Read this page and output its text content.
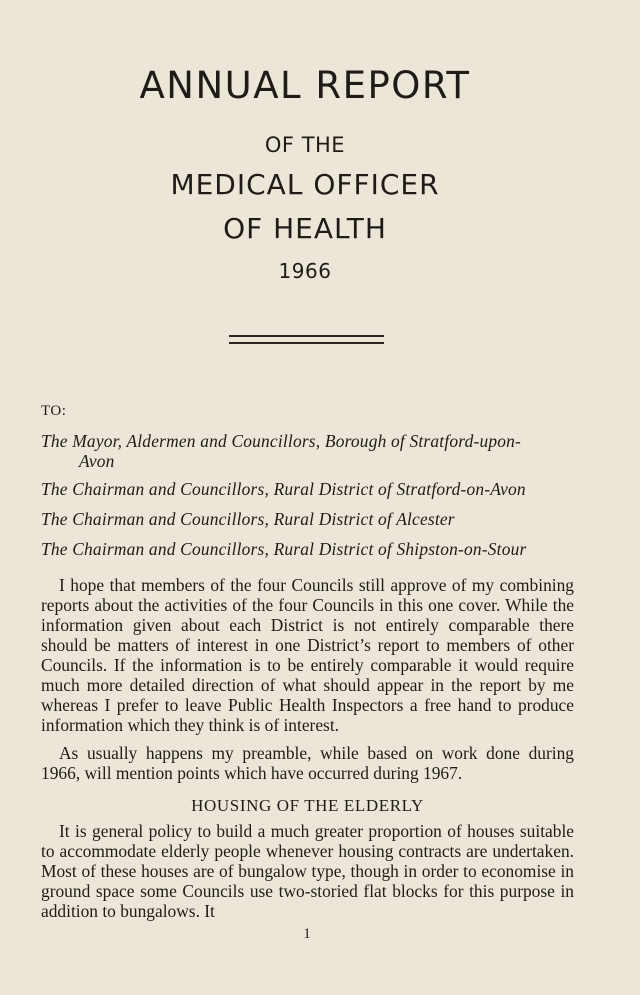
ANNUAL REPORT
OF THE
MEDICAL OFFICER
OF HEALTH
1966
TO:
The Mayor, Aldermen and Councillors, Borough of Stratford-upon-
Avon
The Chairman and Councillors, Rural District of Stratford-on-Avon
The Chairman and Councillors, Rural District of Alcester
The Chairman and Councillors, Rural District of Shipston-on-Stour
I hope that members of the four Councils still approve of my combining reports about the activities of the four Councils in this one cover. While the information given about each District is not entirely comparable there should be matters of interest in one District’s report to members of other Councils. If the information is to be entirely comparable it would require much more detailed direction of what should appear in the report by me whereas I prefer to leave Public Health Inspectors a free hand to produce information which they think is of interest.
As usually happens my preamble, while based on work done during 1966, will mention points which have occurred during 1967.
HOUSING OF THE ELDERLY
It is general policy to build a much greater proportion of houses suitable to accommodate elderly people whenever housing contracts are undertaken. Most of these houses are of bungalow type, though in order to economise in ground space some Councils use two-storied flat blocks for this purpose in addition to bungalows. It
1
